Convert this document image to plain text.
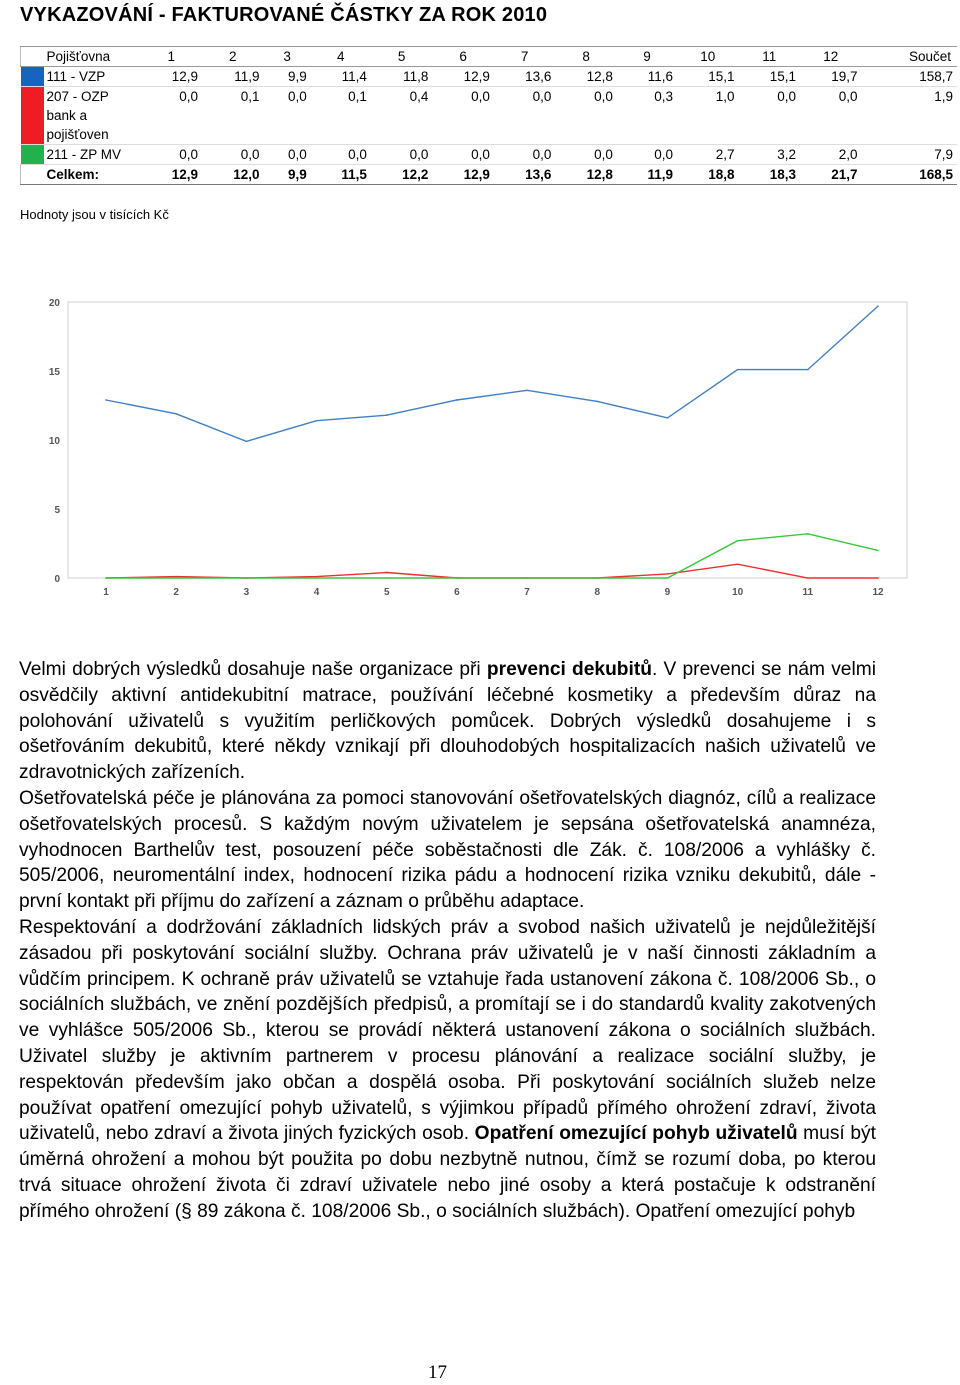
VYKAZOVÁNÍ - FAKTUROVANÉ ČÁSTKY ZA ROK 2010
	Pojišťovna	1	2	3	4	5	6	7	8	9	10	11	12	Součet
	111 - VZP	12,9	11,9	9,9	11,4	11,8	12,9	13,6	12,8	11,6	15,1	15,1	19,7	158,7
	207 - OZP bank a pojišťoven	0,0	0,1	0,0	0,1	0,4	0,0	0,0	0,0	0,3	1,0	0,0	0,0	1,9
	211 - ZP MV	0,0	0,0	0,0	0,0	0,0	0,0	0,0	0,0	0,0	2,7	3,2	2,0	7,9
	Celkem:	12,9	12,0	9,9	11,5	12,2	12,9	13,6	12,8	11,9	18,8	18,3	21,7	168,5
Hodnoty jsou v tisících Kč
0
5
10
15
20
1	2	3	4	5	6	7	8	9	10	11	12

Velmi dobrých výsledků dosahuje naše organizace při prevenci dekubitů. V prevenci se nám velmi osvědčily aktivní antidekubitní matrace, používání léčebné kosmetiky a především důraz na polohování uživatelů s využitím perličkových pomůcek. Dobrých výsledků dosahujeme i s ošetřováním dekubitů, které někdy vznikají při dlouhodobých hospitalizacích našich uživatelů ve zdravotnických zařízeních.

Ošetřovatelská péče je plánována za pomoci stanovování ošetřovatelských diagnóz, cílů a realizace ošetřovatelských procesů. S každým novým uživatelem je sepsána ošetřovatelská anamnéza, vyhodnocen Barthelův test, posouzení péče soběstačnosti dle Zák. č. 108/2006 a vyhlášky č. 505/2006, neuromentální index, hodnocení rizika pádu a hodnocení rizika vzniku dekubitů, dále - první kontakt při příjmu do zařízení a záznam o průběhu adaptace.

Respektování a dodržování základních lidských práv a svobod našich uživatelů je nejdůležitější zásadou při poskytování sociální služby. Ochrana práv uživatelů je v naší činnosti základním a vůdčím principem. K ochraně práv uživatelů se vztahuje řada ustanovení zákona č. 108/2006 Sb., o sociálních službách, ve znění pozdějších předpisů, a promítají se i do standardů kvality zakotvených ve vyhlášce 505/2006 Sb., kterou se provádí některá ustanovení zákona o sociálních službách. Uživatel služby je aktivním partnerem v procesu plánování a realizace sociální služby, je respektován především jako občan a dospělá osoba. Při poskytování sociálních služeb nelze používat opatření omezující pohyb uživatelů, s výjimkou případů přímého ohrožení zdraví, života uživatelů, nebo zdraví a života jiných fyzických osob. Opatření omezující pohyb uživatelů musí být úměrná ohrožení a mohou být použita po dobu nezbytně nutnou, čímž se rozumí doba, po kterou trvá situace ohrožení života či zdraví uživatele nebo jiné osoby a která postačuje k odstranění přímého ohrožení (§ 89 zákona č. 108/2006 Sb., o sociálních službách). Opatření omezující pohyb

17
